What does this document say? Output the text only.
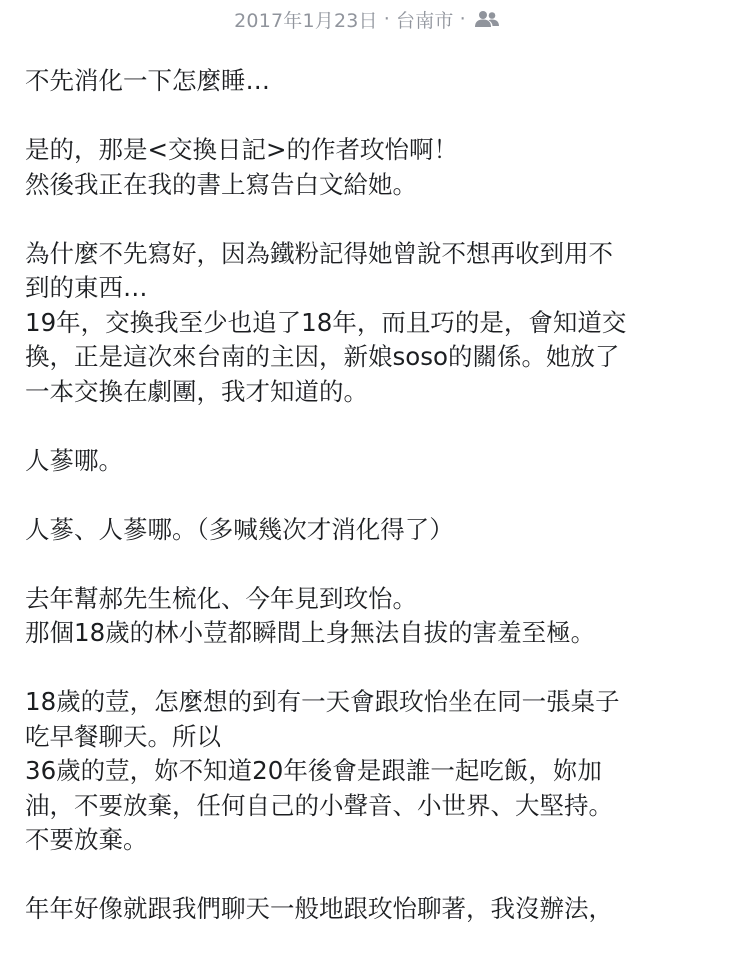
2017年1月23日 · 台南市 ·

不先消化一下怎麼睡…

是的，那是<交換日記>的作者玫怡啊！
然後我正在我的書上寫告白文給她。

為什麼不先寫好，因為鐵粉記得她曾說不想再收到用不
到的東西…
19年，交換我至少也追了18年，而且巧的是，會知道交
換，正是這次來台南的主因，新娘soso的關係。她放了
一本交換在劇團，我才知道的。

人蔘哪。

人蔘、人蔘哪。（多喊幾次才消化得了）

去年幫郝先生梳化、今年見到玫怡。
那個18歲的林小荳都瞬間上身無法自拔的害羞至極。

18歲的荳，怎麼想的到有一天會跟玫怡坐在同一張桌子
吃早餐聊天。所以
36歲的荳，妳不知道20年後會是跟誰一起吃飯，妳加
油，不要放棄，任何自己的小聲音、小世界、大堅持。
不要放棄。

年年好像就跟我們聊天一般地跟玫怡聊著，我沒辦法，
